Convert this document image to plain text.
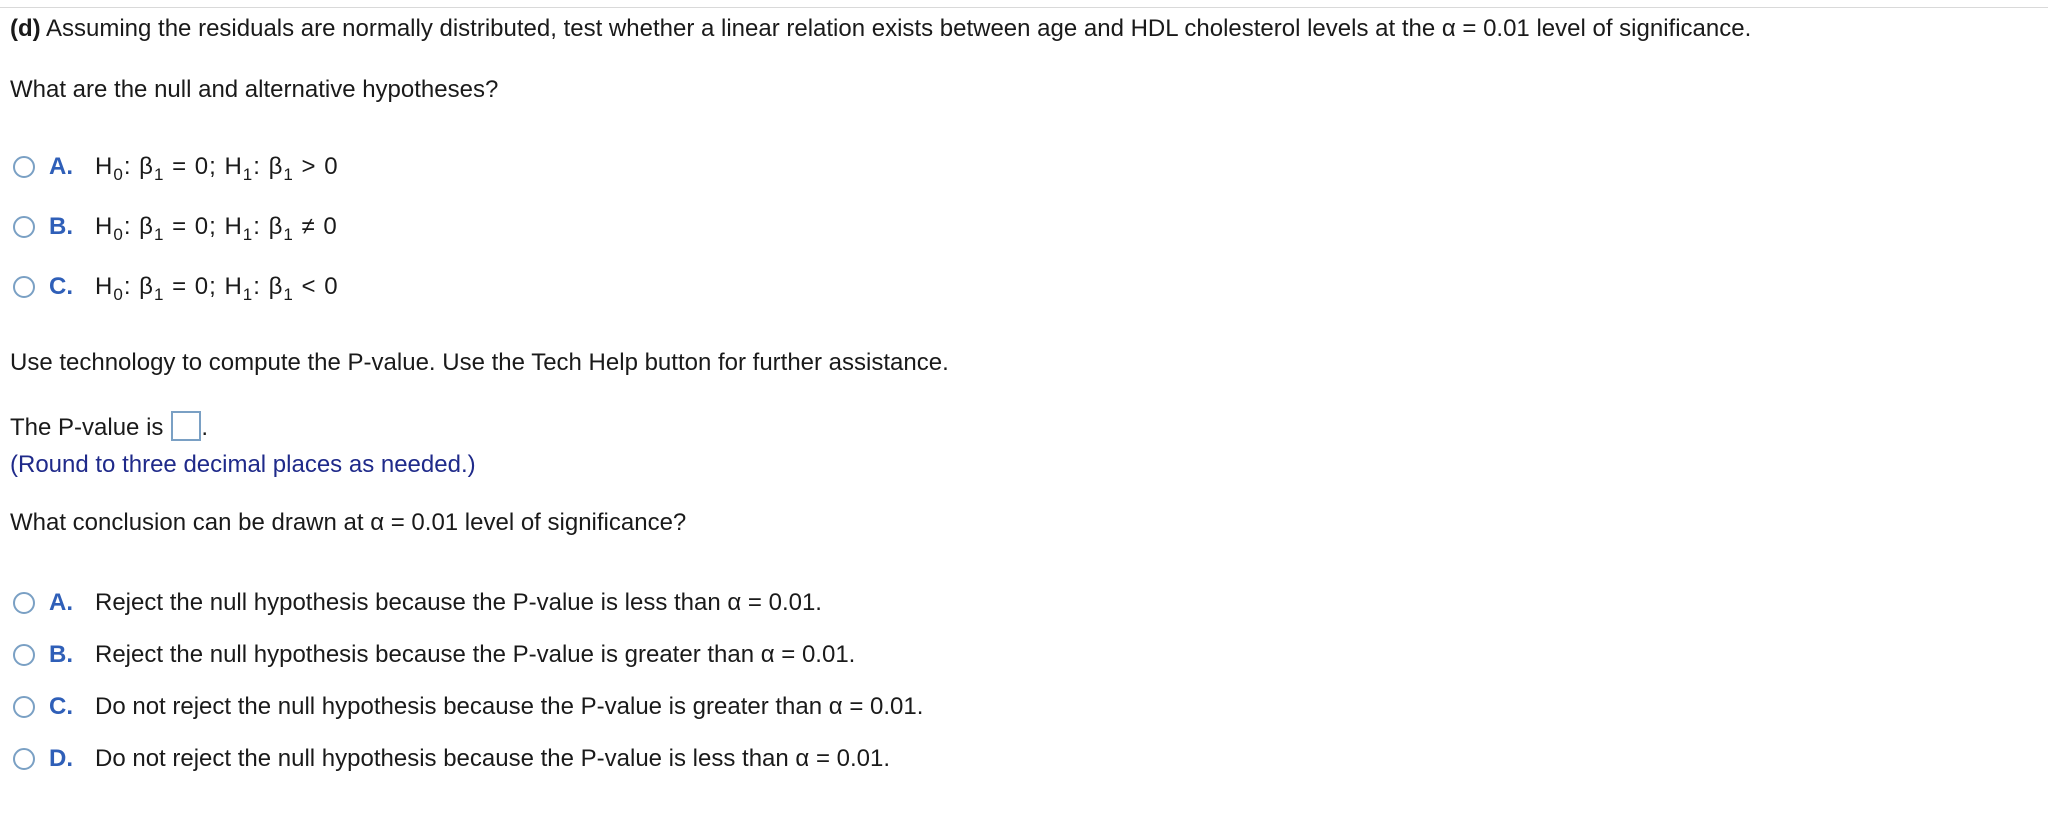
(d) Assuming the residuals are normally distributed, test whether a linear relation exists between age and HDL cholesterol levels at the α = 0.01 level of significance.
What are the null and alternative hypotheses?
A. $H_0$: $\beta_1 = 0$; $H_1$: $\beta_1 > 0$
B. $H_0$: $\beta_1 = 0$; $H_1$: $\beta_1 \ne 0$
C. $H_0$: $\beta_1 = 0$; $H_1$: $\beta_1 < 0$
Use technology to compute the P-value. Use the Tech Help button for further assistance.
The P-value is .
(Round to three decimal places as needed.)
What conclusion can be drawn at α = 0.01 level of significance?
A. Reject the null hypothesis because the P-value is less than α = 0.01.
B. Reject the null hypothesis because the P-value is greater than α = 0.01.
C. Do not reject the null hypothesis because the P-value is greater than α = 0.01.
D. Do not reject the null hypothesis because the P-value is less than α = 0.01.
